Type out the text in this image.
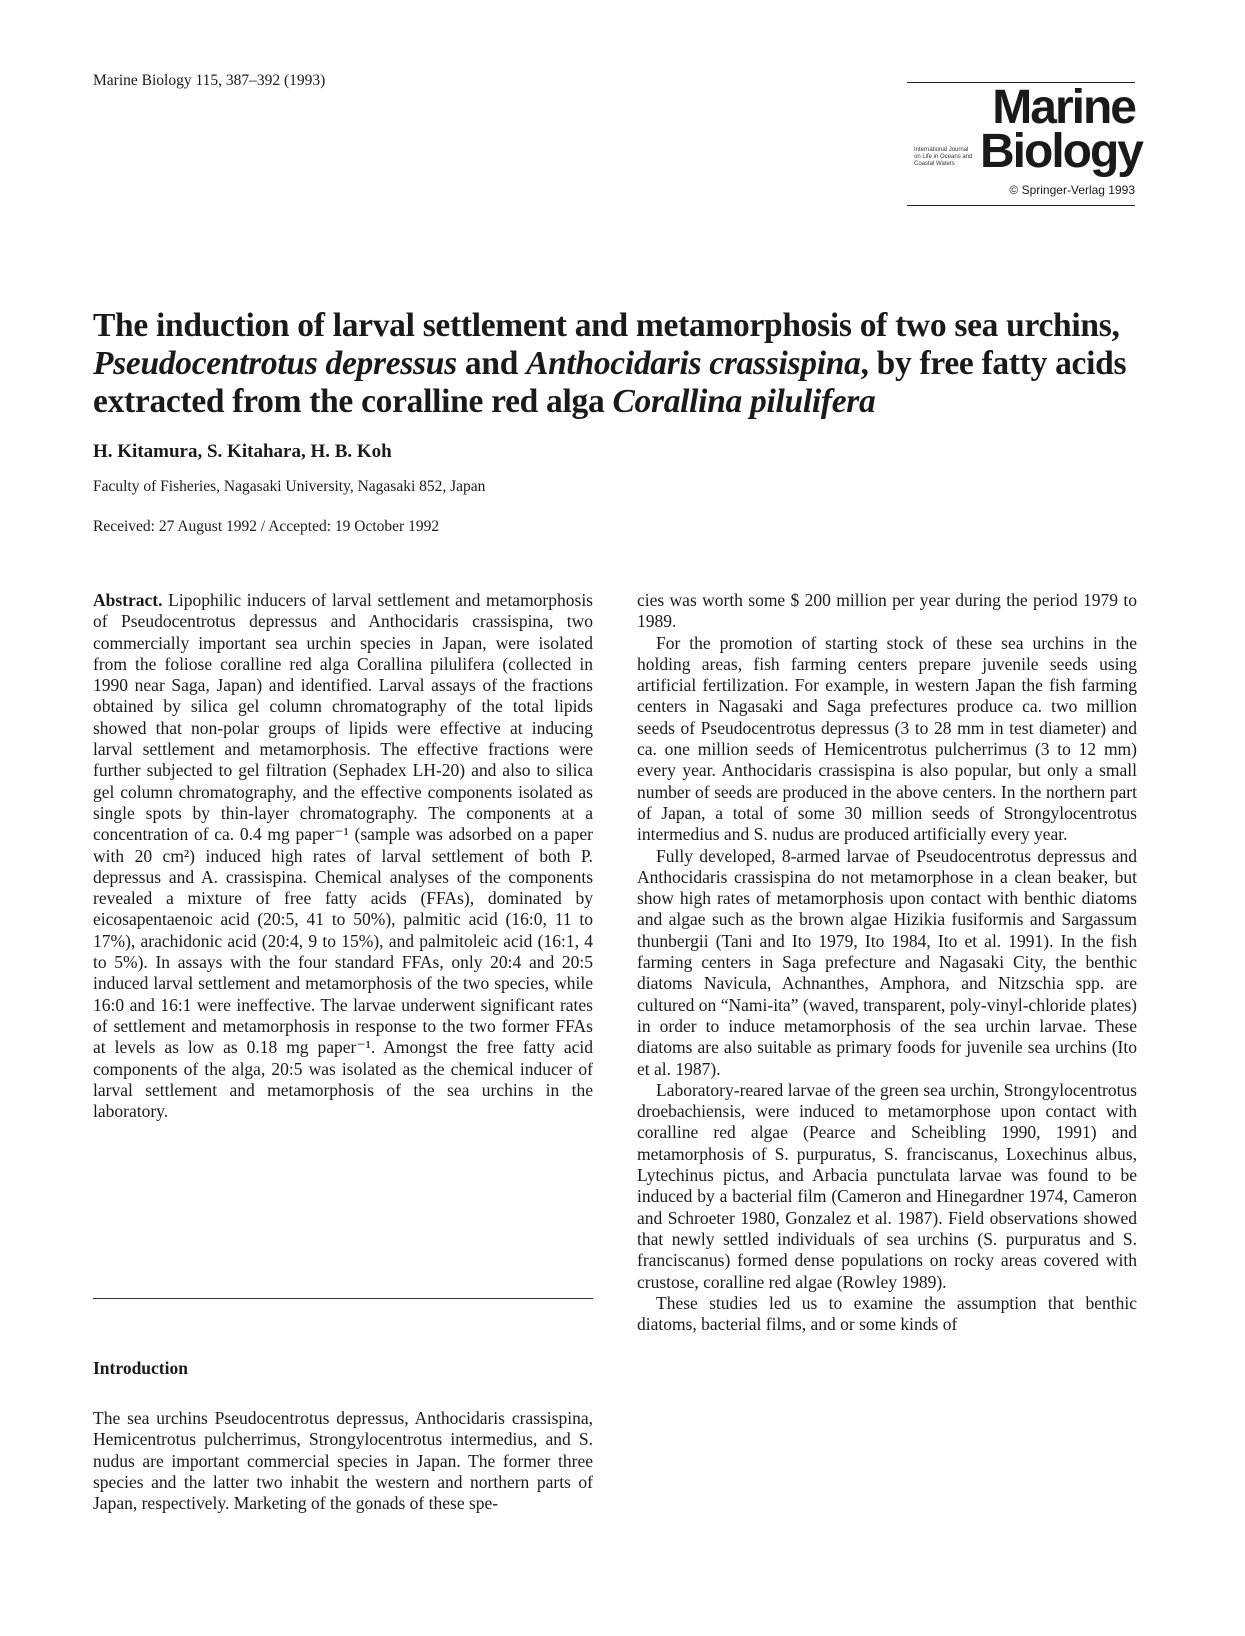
Marine Biology 115, 387–392 (1993)
Marine
International Journal on Life in Oceans and Coastal Waters Biology
© Springer-Verlag 1993
The induction of larval settlement and metamorphosis of two sea urchins, Pseudocentrotus depressus and Anthocidaris crassispina, by free fatty acids extracted from the coralline red alga Corallina pilulifera
H. Kitamura, S. Kitahara, H. B. Koh
Faculty of Fisheries, Nagasaki University, Nagasaki 852, Japan
Received: 27 August 1992 / Accepted: 19 October 1992

Abstract. Lipophilic inducers of larval settlement and metamorphosis of Pseudocentrotus depressus and Anthocidaris crassispina, two commercially important sea urchin species in Japan, were isolated from the foliose coralline red alga Corallina pilulifera (collected in 1990 near Saga, Japan) and identified. Larval assays of the fractions obtained by silica gel column chromatography of the total lipids showed that non-polar groups of lipids were effective at inducing larval settlement and metamorphosis. The effective fractions were further subjected to gel filtration (Sephadex LH-20) and also to silica gel column chromatography, and the effective components isolated as single spots by thin-layer chromatography. The components at a concentration of ca. 0.4 mg paper⁻¹ (sample was adsorbed on a paper with 20 cm²) induced high rates of larval settlement of both P. depressus and A. crassispina. Chemical analyses of the components revealed a mixture of free fatty acids (FFAs), dominated by eicosapentaenoic acid (20:5, 41 to 50%), palmitic acid (16:0, 11 to 17%), arachidonic acid (20:4, 9 to 15%), and palmitoleic acid (16:1, 4 to 5%). In assays with the four standard FFAs, only 20:4 and 20:5 induced larval settlement and metamorphosis of the two species, while 16:0 and 16:1 were ineffective. The larvae underwent significant rates of settlement and metamorphosis in response to the two former FFAs at levels as low as 0.18 mg paper⁻¹. Amongst the free fatty acid components of the alga, 20:5 was isolated as the chemical inducer of larval settlement and metamorphosis of the sea urchins in the laboratory.

Introduction
The sea urchins Pseudocentrotus depressus, Anthocidaris crassispina, Hemicentrotus pulcherrimus, Strongylocentrotus intermedius, and S. nudus are important commercial species in Japan. The former three species and the latter two inhabit the western and northern parts of Japan, respectively. Marketing of the gonads of these spe-

cies was worth some $ 200 million per year during the period 1979 to 1989.

For the promotion of starting stock of these sea urchins in the holding areas, fish farming centers prepare juvenile seeds using artificial fertilization. For example, in western Japan the fish farming centers in Nagasaki and Saga prefectures produce ca. two million seeds of Pseudocentrotus depressus (3 to 28 mm in test diameter) and ca. one million seeds of Hemicentrotus pulcherrimus (3 to 12 mm) every year. Anthocidaris crassispina is also popular, but only a small number of seeds are produced in the above centers. In the northern part of Japan, a total of some 30 million seeds of Strongylocentrotus intermedius and S. nudus are produced artificially every year.

Fully developed, 8-armed larvae of Pseudocentrotus depressus and Anthocidaris crassispina do not metamorphose in a clean beaker, but show high rates of metamorphosis upon contact with benthic diatoms and algae such as the brown algae Hizikia fusiformis and Sargassum thunbergii (Tani and Ito 1979, Ito 1984, Ito et al. 1991). In the fish farming centers in Saga prefecture and Nagasaki City, the benthic diatoms Navicula, Achnanthes, Amphora, and Nitzschia spp. are cultured on “Nami-ita” (waved, transparent, poly-vinyl-chloride plates) in order to induce metamorphosis of the sea urchin larvae. These diatoms are also suitable as primary foods for juvenile sea urchins (Ito et al. 1987).

Laboratory-reared larvae of the green sea urchin, Strongylocentrotus droebachiensis, were induced to metamorphose upon contact with coralline red algae (Pearce and Scheibling 1990, 1991) and metamorphosis of S. purpuratus, S. franciscanus, Loxechinus albus, Lytechinus pictus, and Arbacia punctulata larvae was found to be induced by a bacterial film (Cameron and Hinegardner 1974, Cameron and Schroeter 1980, Gonzalez et al. 1987). Field observations showed that newly settled individuals of sea urchins (S. purpuratus and S. franciscanus) formed dense populations on rocky areas covered with crustose, coralline red algae (Rowley 1989).

These studies led us to examine the assumption that benthic diatoms, bacterial films, and or some kinds of
